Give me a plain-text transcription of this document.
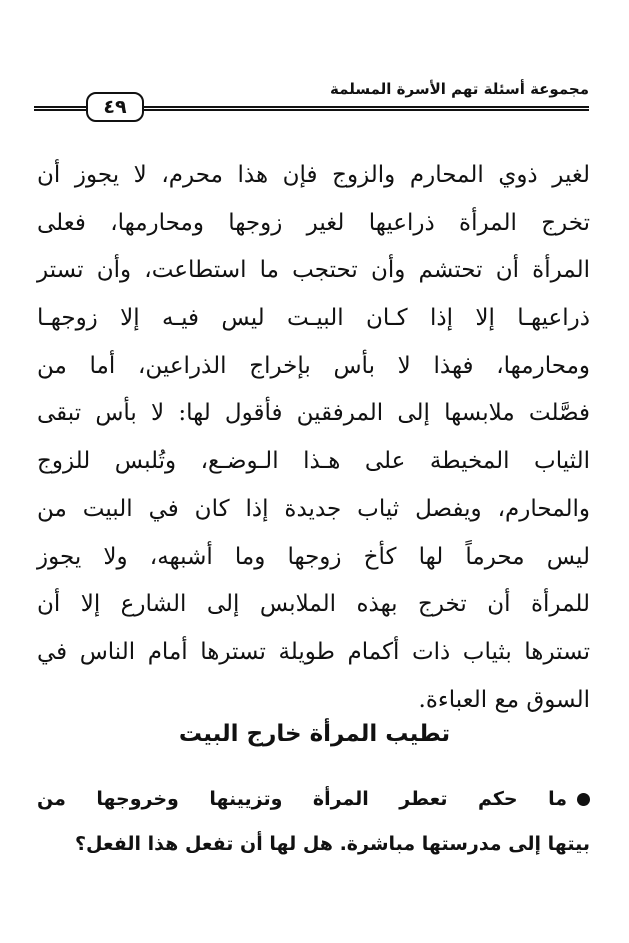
مجموعة أسئلة تهم الأسرة المسلمة
٤٩
لغير ذوي المحارم والزوج فإن هذا محرم، لا يجوز أن
تخرج المرأة ذراعيها لغير زوجها ومحارمها، فعلى
المرأة أن تحتشم وأن تحتجب ما استطاعت، وأن تستر
ذراعيهـا إلا إذا كـان البيـت ليس فيـه إلا زوجهـا
ومحارمها، فهذا لا بأس بإخراج الذراعين، أما من
فصَّلت ملابسها إلى المرفقين فأقول لها: لا بأس تبقى
الثياب المخيطة على هـذا الـوضـع، وتُلبس للزوج
والمحارم، ويفصل ثياب جديدة إذا كان في البيت من
ليس محرماً لها كأخ زوجها وما أشبهه، ولا يجوز
للمرأة أن تخرج بهذه الملابس إلى الشارع إلا أن
تسترها بثياب ذات أكمام طويلة تسترها أمام الناس في
السوق مع العباءة.
تطيب المرأة خارج البيت
ما حكم تعطر المرأة وتزيينها وخروجها من
بيتها إلى مدرستها مباشرة. هل لها أن تفعل هذا الفعل؟
